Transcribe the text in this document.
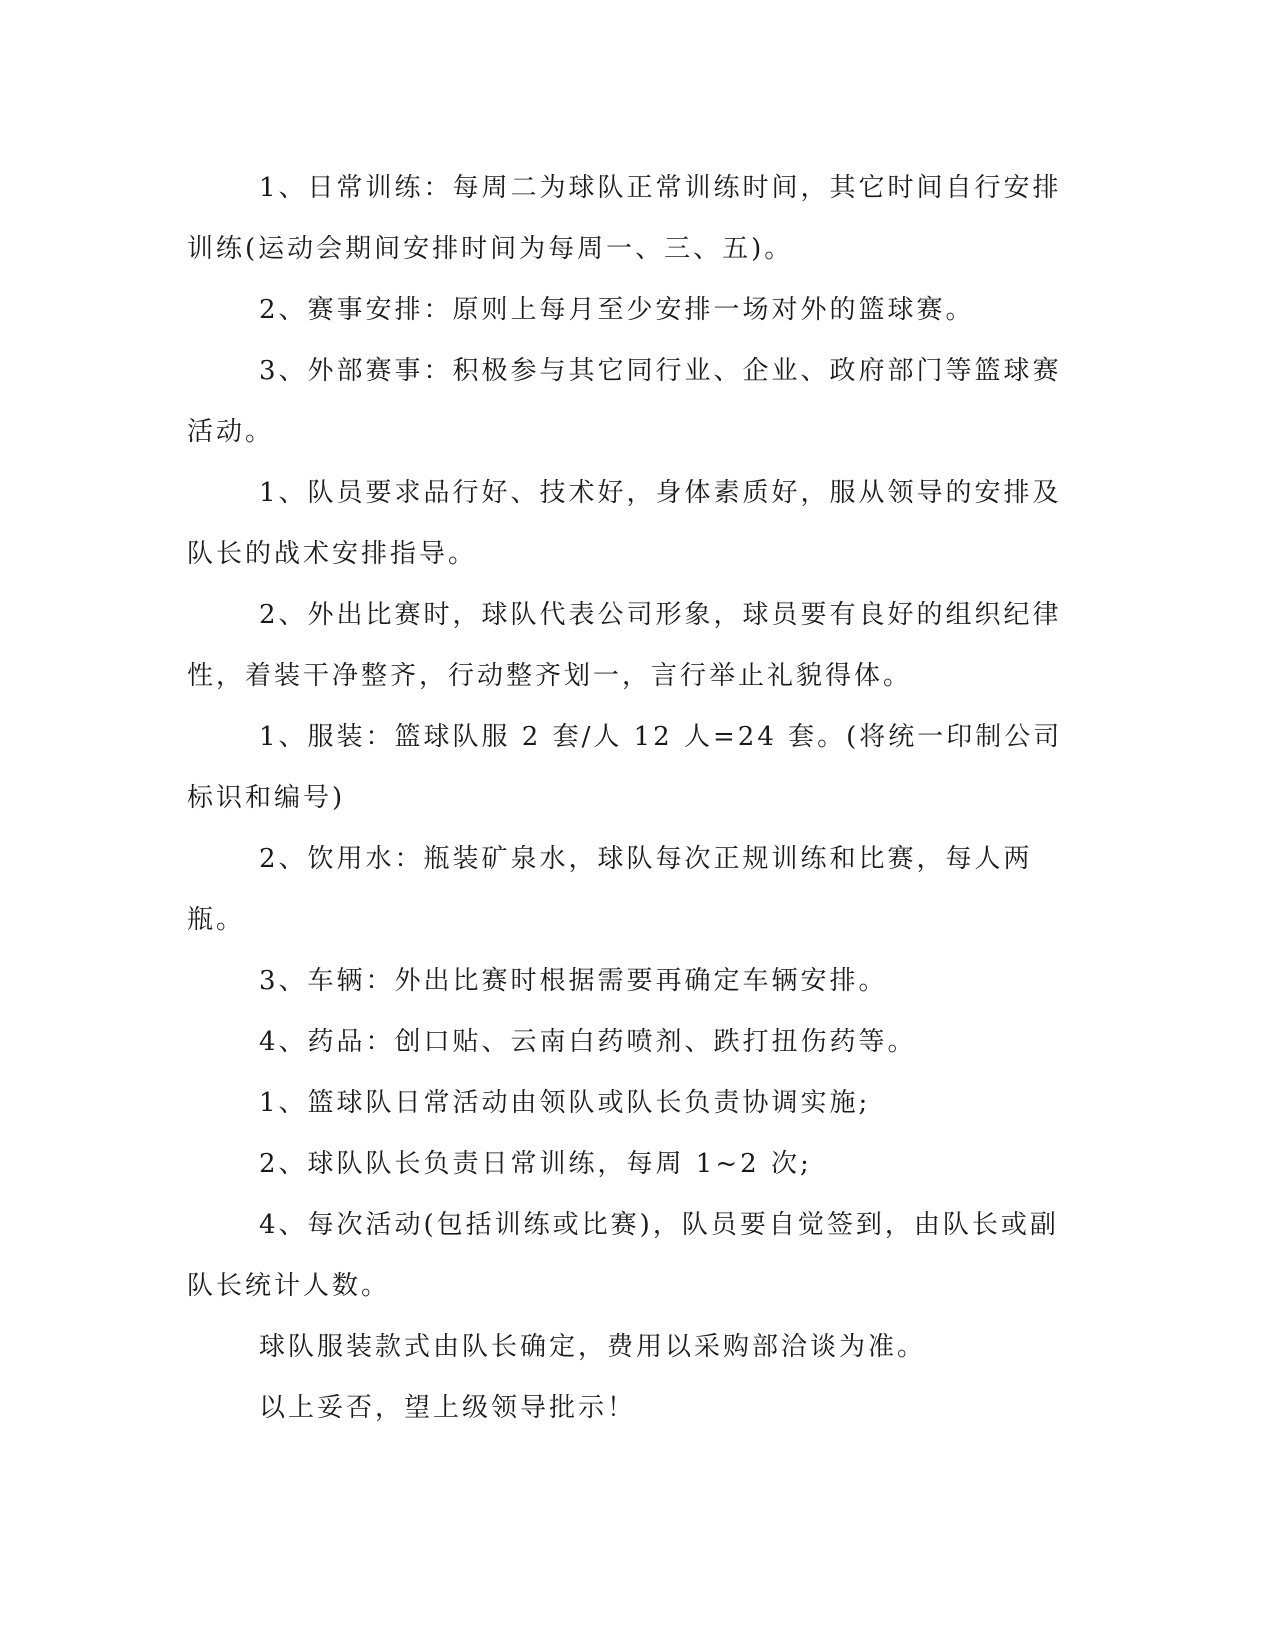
1、日常训练：每周二为球队正常训练时间，其它时间自行安排训练(运动会期间安排时间为每周一、三、五)。

2、赛事安排：原则上每月至少安排一场对外的篮球赛。

3、外部赛事：积极参与其它同行业、企业、政府部门等篮球赛活动。

1、队员要求品行好、技术好，身体素质好，服从领导的安排及队长的战术安排指导。

2、外出比赛时，球队代表公司形象，球员要有良好的组织纪律性，着装干净整齐，行动整齐划一，言行举止礼貌得体。

1、服装：篮球队服 2 套/人 12 人=24 套。(将统一印制公司标识和编号)

2、饮用水：瓶装矿泉水，球队每次正规训练和比赛，每人两瓶。

3、车辆：外出比赛时根据需要再确定车辆安排。

4、药品：创口贴、云南白药喷剂、跌打扭伤药等。

1、篮球队日常活动由领队或队长负责协调实施;

2、球队队长负责日常训练，每周 1~2 次;

4、每次活动(包括训练或比赛)，队员要自觉签到，由队长或副队长统计人数。

球队服装款式由队长确定，费用以采购部洽谈为准。

以上妥否，望上级领导批示！
